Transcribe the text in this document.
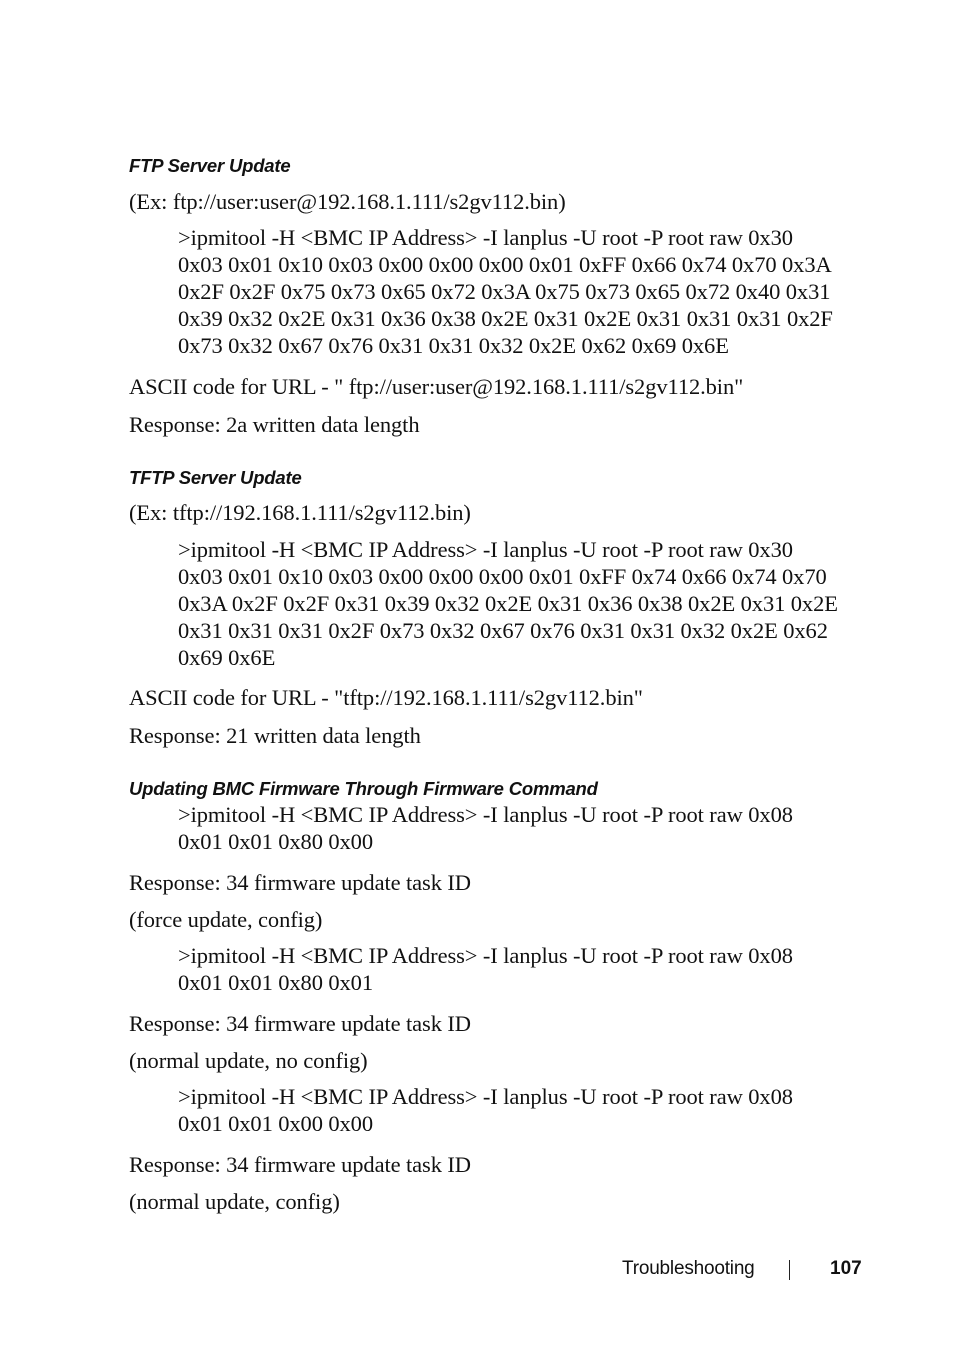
FTP Server Update
(Ex: ftp://user:user@192.168.1.111/s2gv112.bin)
>ipmitool -H <BMC IP Address> -I lanplus -U root -P root raw 0x30
0x03 0x01 0x10 0x03 0x00 0x00 0x00 0x01 0xFF 0x66 0x74 0x70 0x3A
0x2F 0x2F 0x75 0x73 0x65 0x72 0x3A 0x75 0x73 0x65 0x72 0x40 0x31
0x39 0x32 0x2E 0x31 0x36 0x38 0x2E 0x31 0x2E 0x31 0x31 0x31 0x2F
0x73 0x32 0x67 0x76 0x31 0x31 0x32 0x2E 0x62 0x69 0x6E
ASCII code for URL - " ftp://user:user@192.168.1.111/s2gv112.bin"
Response: 2a written data length
TFTP Server Update
(Ex: tftp://192.168.1.111/s2gv112.bin)
>ipmitool -H <BMC IP Address> -I lanplus -U root -P root raw 0x30
0x03 0x01 0x10 0x03 0x00 0x00 0x00 0x01 0xFF 0x74 0x66 0x74 0x70
0x3A 0x2F 0x2F 0x31 0x39 0x32 0x2E 0x31 0x36 0x38 0x2E 0x31 0x2E
0x31 0x31 0x31 0x2F 0x73 0x32 0x67 0x76 0x31 0x31 0x32 0x2E 0x62
0x69 0x6E
ASCII code for URL - "tftp://192.168.1.111/s2gv112.bin"
Response: 21 written data length
Updating BMC Firmware Through Firmware Command
>ipmitool -H <BMC IP Address> -I lanplus -U root -P root raw 0x08
0x01 0x01 0x80 0x00
Response: 34 firmware update task ID
(force update, config)
>ipmitool -H <BMC IP Address> -I lanplus -U root -P root raw 0x08
0x01 0x01 0x80 0x01
Response: 34 firmware update task ID
(normal update, no config)
>ipmitool -H <BMC IP Address> -I lanplus -U root -P root raw 0x08
0x01 0x01 0x00 0x00
Response: 34 firmware update task ID
(normal update, config)
Troubleshooting	107
